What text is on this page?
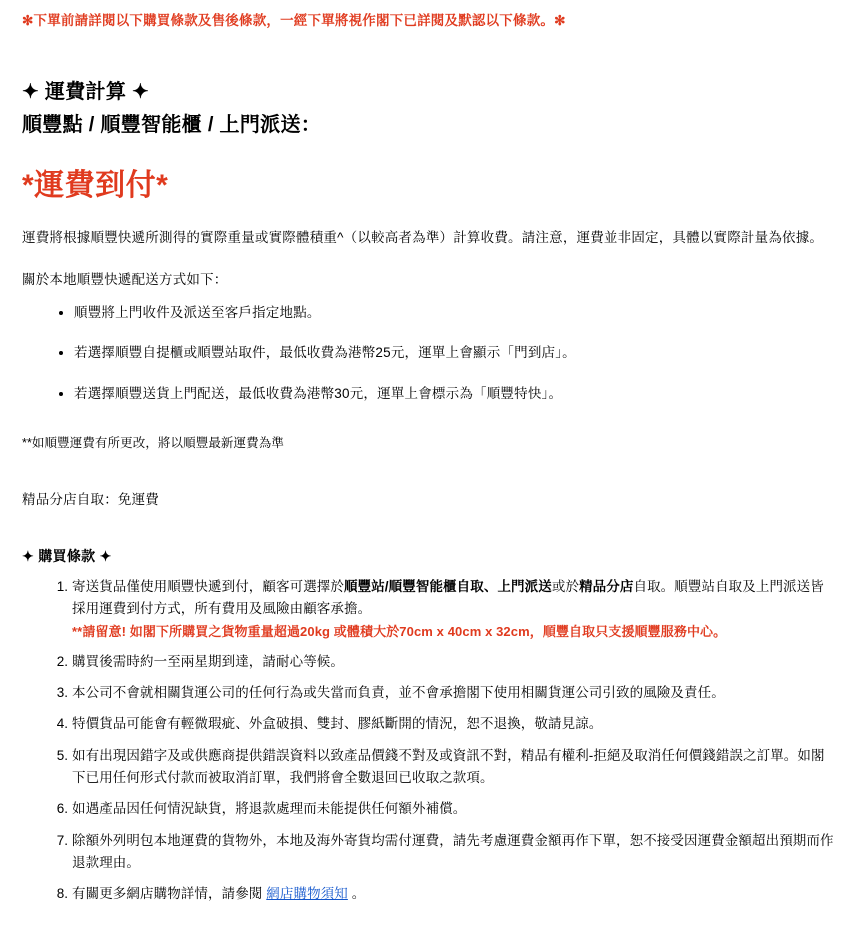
✻下單前請詳閱以下購買條款及售後條款，一經下單將視作閣下已詳閱及默認以下條款。✻
✦ 運費計算 ✦
順豐點 / 順豐智能櫃 / 上門派送：
*運費到付*

運費將根據順豐快遞所測得的實際重量或實際體積重^（以較高者為準）計算收費。請注意，運費並非固定，具體以實際計量為依據。

關於本地順豐快遞配送方式如下：

• 順豐將上門收件及派送至客戶指定地點。
• 若選擇順豐自提櫃或順豐站取件，最低收費為港幣25元，運單上會顯示「門到店」。
• 若選擇順豐送貨上門配送，最低收費為港幣30元，運單上會標示為「順豐特快」。

**如順豐運費有所更改，將以順豐最新運費為準

精品分店自取：免運費

✦ 購買條款 ✦

1. 寄送貨品僅使用順豐快遞到付，顧客可選擇於順豐站/順豐智能櫃自取、上門派送或於精品分店自取。順豐站自取及上門派送皆採用運費到付方式，所有費用及風險由顧客承擔。
**請留意! 如閣下所購買之貨物重量超過20kg 或體積大於70cm x 40cm x 32cm，順豐自取只支援順豐服務中心。
2. 購買後需時約一至兩星期到達，請耐心等候。
3. 本公司不會就相關貨運公司的任何行為或失當而負責，並不會承擔閣下使用相關貨運公司引致的風險及責任。
4. 特價貨品可能會有輕微瑕疵、外盒破損、雙封、膠紙斷開的情況，恕不退換，敬請見諒。
5. 如有出現因錯字及或供應商提供錯誤資料以致產品價錢不對及或資訊不對，精品有權利-拒絕及取消任何價錢錯誤之訂單。如閣下已用任何形式付款而被取消訂單，我們將會全數退回已收取之款項。
6. 如遇產品因任何情況缺貨，將退款處理而未能提供任何額外補償。
7. 除額外列明包本地運費的貨物外，本地及海外寄貨均需付運費，請先考慮運費金額再作下單，恕不接受因運費金額超出預期而作退款理由。
8. 有關更多網店購物詳情，請參閱 網店購物須知 。
